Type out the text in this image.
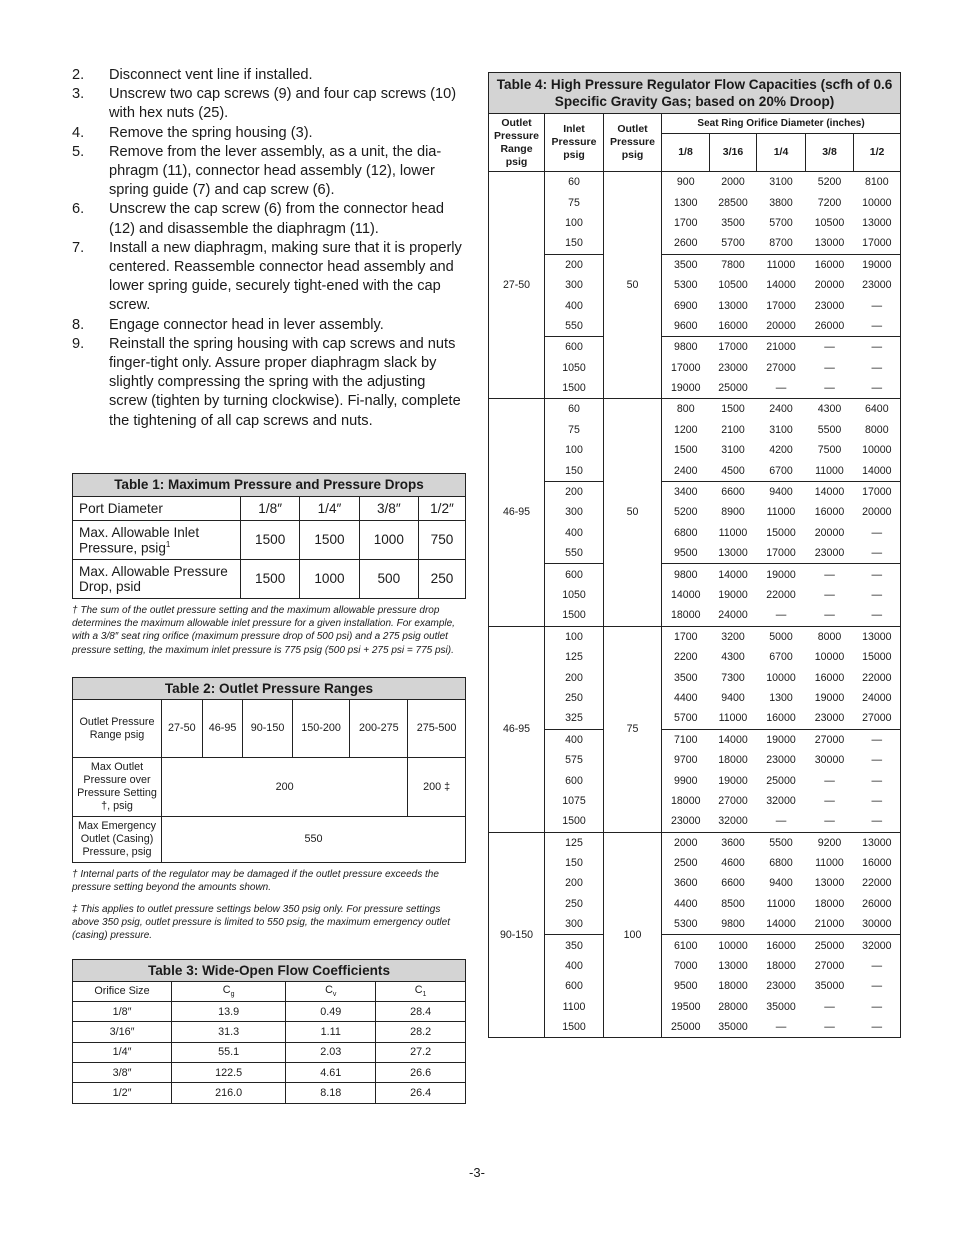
2.	Disconnect vent line if installed.
3.	Unscrew two cap screws (9) and four cap screws (10) with hex nuts (25).
4.	Remove the spring housing (3).
5.	Remove from the lever assembly, as a unit, the dia-phragm (11), connector head assembly (12), lower spring guide (7) and cap screw (6).
6.	Unscrew the cap screw (6) from the connector head (12) and disassemble the diaphragm (11).
7.	Install a new diaphragm, making sure that it is properly centered. Reassemble connector head assembly and lower spring guide, securely tight-ened with the cap screw.
8.	Engage connector head in lever assembly.
9.	Reinstall the spring housing with cap screws and nuts finger-tight only. Assure proper diaphragm slack by slightly compressing the spring with the adjusting screw (tighten by turning clockwise). Fi-nally, complete the tightening of all cap screws and nuts.
Table 1: Maximum Pressure and Pressure Drops				
Port Diameter	1/8″	1/4″	3/8″	1/2″
Max. Allowable Inlet Pressure, psig$^1$	1500	1500	1000	750
Max. Allowable Pressure Drop, psid	1500	1000	500	250

† The sum of the outlet pressure setting and the maximum allowable pressure drop determines the maximum allowable inlet pressure for a given installation. For example, with a 3/8″ seat ring orifice (maximum pressure drop of 500 psi) and a 275 psig outlet pressure setting, the maximum inlet pressure is 775 psig (500 psi + 275 psi = 775 psi).

Table 2: Outlet Pressure Ranges						
Outlet Pressure Range psig	27-50	46-95	90-150	150-200	200-275	275-500
Max Outlet Pressure over Pressure Setting †, psig	200					200 ‡
Max Emergency Outlet (Casing) Pressure, psig	550					

† Internal parts of the regulator may be damaged if the outlet pressure exceeds the pressure setting beyond the amounts shown.

‡ This applies to outlet pressure settings below 350 psig only. For pressure settings above 350 psig, outlet pressure is limited to 550 psig, the maximum emergency outlet (casing) pressure.

Table 3: Wide-Open Flow Coefficients			
Orifice Size	$C_g$	$C_v$	$C_1$
1/8″	13.9	0.49	28.4
3/16″	31.3	1.11	28.2
1/4″	55.1	2.03	27.2
3/8″	122.5	4.61	26.6
1/2″	216.0	8.18	26.4
Table 4: High Pressure Regulator Flow Capacities (scfh of 0.6 Specific Gravity Gas; based on 20% Droop)							
Outlet Pressure Range psig	Inlet Pressure psig	Outlet Pressure psig	Seat Ring Orifice Diameter (inches)				
			1/8	3/16	1/4	3/8	1/2
27-50	60	50	900	2000	3100	5200	8100
	75		1300	28500	3800	7200	10000
	100		1700	3500	5700	10500	13000
	150		2600	5700	8700	13000	17000
	200		3500	7800	11000	16000	19000
	300		5300	10500	14000	20000	23000
	400		6900	13000	17000	23000	—
	550		9600	16000	20000	26000	—
	600		9800	17000	21000	—	—
	1050		17000	23000	27000	—	—
	1500		19000	25000	—	—	—
46-95	60	50	800	1500	2400	4300	6400
	75		1200	2100	3100	5500	8000
	100		1500	3100	4200	7500	10000
	150		2400	4500	6700	11000	14000
	200		3400	6600	9400	14000	17000
	300		5200	8900	11000	16000	20000
	400		6800	11000	15000	20000	—
	550		9500	13000	17000	23000	—
	600		9800	14000	19000	—	—
	1050		14000	19000	22000	—	—
	1500		18000	24000	—	—	—
46-95	100	75	1700	3200	5000	8000	13000
	125		2200	4300	6700	10000	15000
	200		3500	7300	10000	16000	22000
	250		4400	9400	1300	19000	24000
	325		5700	11000	16000	23000	27000
	400		7100	14000	19000	27000	—
	575		9700	18000	23000	30000	—
	600		9900	19000	25000	—	—
	1075		18000	27000	32000	—	—
	1500		23000	32000	—	—	—
90-150	125	100	2000	3600	5500	9200	13000
	150		2500	4600	6800	11000	16000
	200		3600	6600	9400	13000	22000
	250		4400	8500	11000	18000	26000
	300		5300	9800	14000	21000	30000
	350		6100	10000	16000	25000	32000
	400		7000	13000	18000	27000	—
	600		9500	18000	23000	35000	—
	1100		19500	28000	35000	—	—
	1500		25000	35000	—	—	—
-3-
